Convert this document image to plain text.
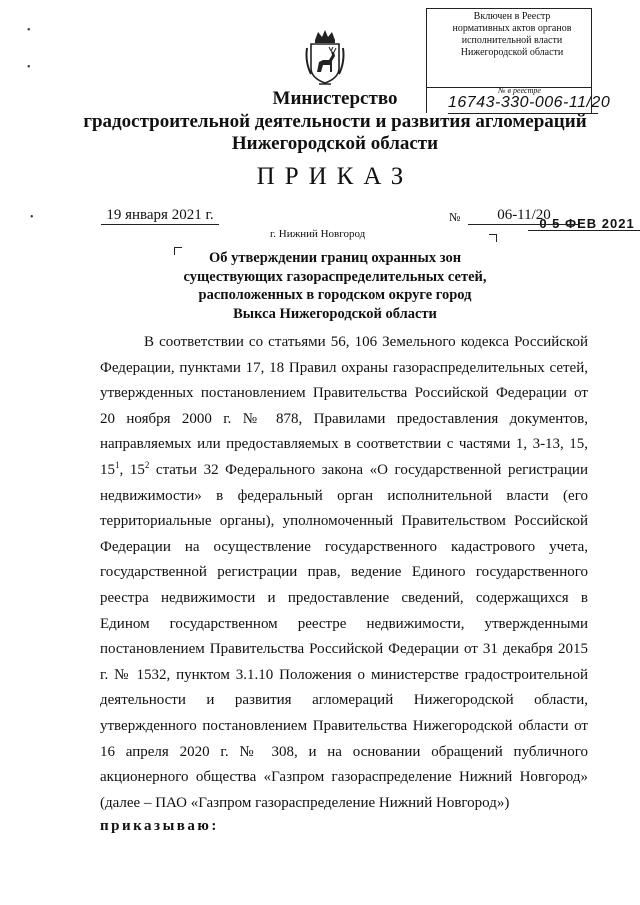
•
•
•
Включен в Реестр
нормативных актов органов
исполнительной власти
Нижегородской области
0 5 ФЕВ 2021
№ в реестре
16743-330-006-11/20
Министерство
градостроительной деятельности и развития агломераций
Нижегородской области
ПРИКАЗ
19 января 2021 г.	№	06-11/20
г. Нижний Новгород
Об утверждении границ охранных зон
существующих газораспределительных сетей,
расположенных в городском округе город
Выкса Нижегородской области
В соответствии со статьями 56, 106 Земельного кодекса Российской Федерации, пунктами 17, 18 Правил охраны газораспределительных сетей, утвержденных постановлением Правительства Российской Федерации от 20 ноября 2000 г. № 878, Правилами предоставления документов, направляемых или предоставляемых в соответствии с частями 1, 3-13, 15, $15^1$, $15^2$ статьи 32 Федерального закона «О государственной регистрации недвижимости» в федеральный орган исполнительной власти (его территориальные органы), уполномоченный Правительством Российской Федерации на осуществление государственного кадастрового учета, государственной регистрации прав, ведение Единого государственного реестра недвижимости и предоставление сведений, содержащихся в Едином государственном реестре недвижимости, утвержденными постановлением Правительства Российской Федерации от 31 декабря 2015 г. № 1532, пунктом 3.1.10 Положения о министерстве градостроительной деятельности и развития агломераций Нижегородской области, утвержденного постановлением Правительства Нижегородской области от 16 апреля 2020 г. № 308, и на основании обращений публичного акционерного общества «Газпром газораспределение Нижний Новгород» (далее – ПАО «Газпром газораспределение Нижний Новгород»)
приказываю:
